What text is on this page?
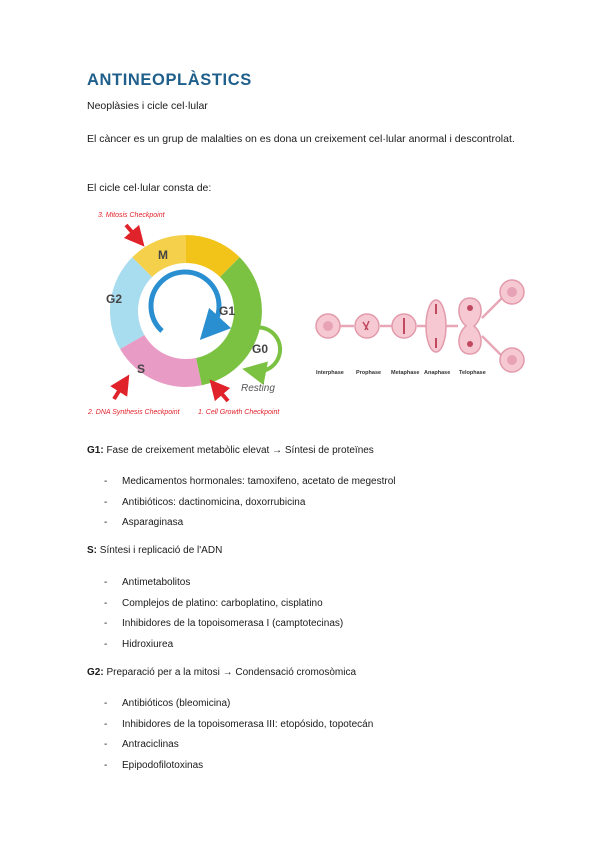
ANTINEOPLÀSTICS

Neoplàsies i cicle cel·lular

El càncer es un grup de malalties on es dona un creixement cel·lular anormal i descontrolat.

El cicle cel·lular consta de:

M
G1
G2
S
G0
Resting
3. Mitosis Checkpoint
2. DNA Synthesis Checkpoint	1. Cell Growth Checkpoint
Interphase Prophase Metaphase Anaphase Telophase

G1: Fase de creixement metabòlic elevat → Síntesi de proteïnes

- Medicamentos hormonales: tamoxifeno, acetato de megestrol
- Antibióticos: dactinomicina, doxorrubicina
- Asparaginasa

S: Síntesi i replicació de l'ADN

- Antimetabolitos
- Complejos de platino: carboplatino, cisplatino
- Inhibidores de la topoisomerasa I (camptotecinas)
- Hidroxiurea

G2: Preparació per a la mitosi → Condensació cromosòmica

- Antibióticos (bleomicina)
- Inhibidores de la topoisomerasa III: etopósido, topotecán
- Antraciclinas
- Epipodofilotoxinas
